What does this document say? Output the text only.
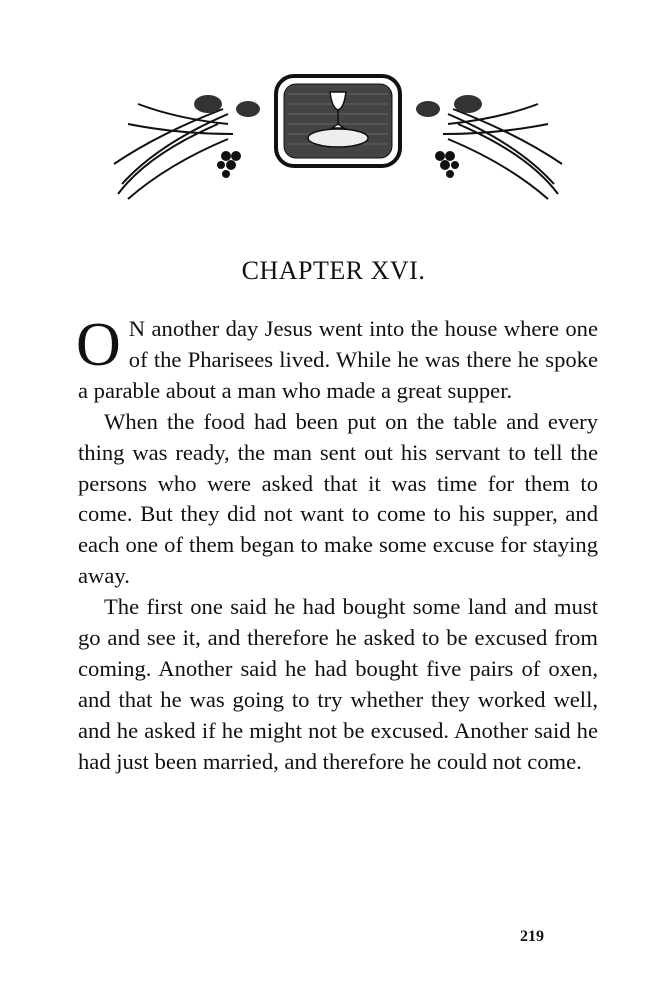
CHAPTER XVI.

O N another day Jesus went into the house where one of the Pharisees lived. While he was there he spoke a parable about a man who made a great supper.

When the food had been put on the table and every thing was ready, the man sent out his servant to tell the persons who were asked that it was time for them to come. But they did not want to come to his supper, and each one of them began to make some excuse for staying away.

The first one said he had bought some land and must go and see it, and therefore he asked to be excused from coming. Another said he had bought five pairs of oxen, and that he was going to try whether they worked well, and he asked if he might not be excused. Another said he had just been married, and therefore he could not come.

219
